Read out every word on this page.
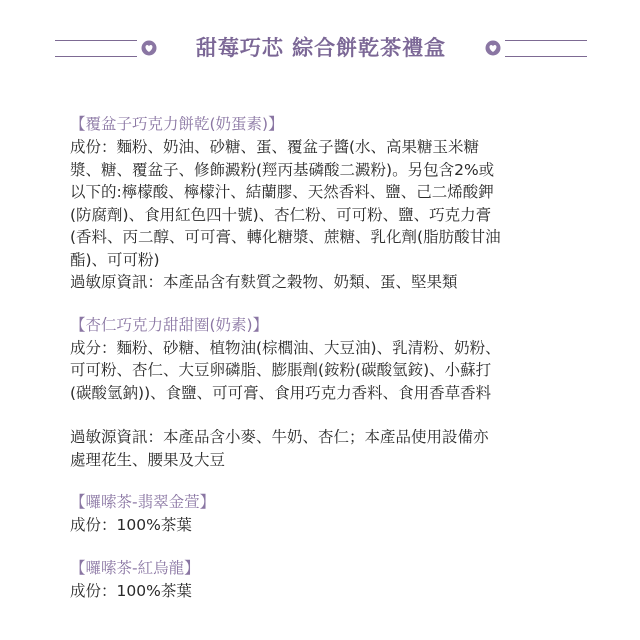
甜莓巧芯 綜合餅乾茶禮盒
【覆盆子巧克力餅乾(奶蛋素)】
成份：麵粉、奶油、砂糖、蛋、覆盆子醬(水、高果糖玉米糖
漿、糖、覆盆子、修飾澱粉(羥丙基磷酸二澱粉)。另包含2%或
以下的:檸檬酸、檸檬汁、結蘭膠、天然香料、鹽、己二烯酸鉀
(防腐劑)、食用紅色四十號)、杏仁粉、可可粉、鹽、巧克力膏
(香料、丙二醇、可可膏、轉化糖漿、蔗糖、乳化劑(脂肪酸甘油
酯)、可可粉)
過敏原資訊：本產品含有麩質之穀物、奶類、蛋、堅果類
【杏仁巧克力甜甜圈(奶素)】
成分：麵粉、砂糖、植物油(棕櫚油、大豆油)、乳清粉、奶粉、
可可粉、杏仁、大豆卵磷脂、膨脹劑(銨粉(碳酸氫銨)、小蘇打
(碳酸氫鈉))、食鹽、可可膏、食用巧克力香料、食用香草香料
過敏源資訊：本產品含小麥、牛奶、杏仁；本產品使用設備亦
處理花生、腰果及大豆
【囉嗦茶-翡翠金萱】
成份：100%茶葉
【囉嗦茶-紅烏龍】
成份：100%茶葉
